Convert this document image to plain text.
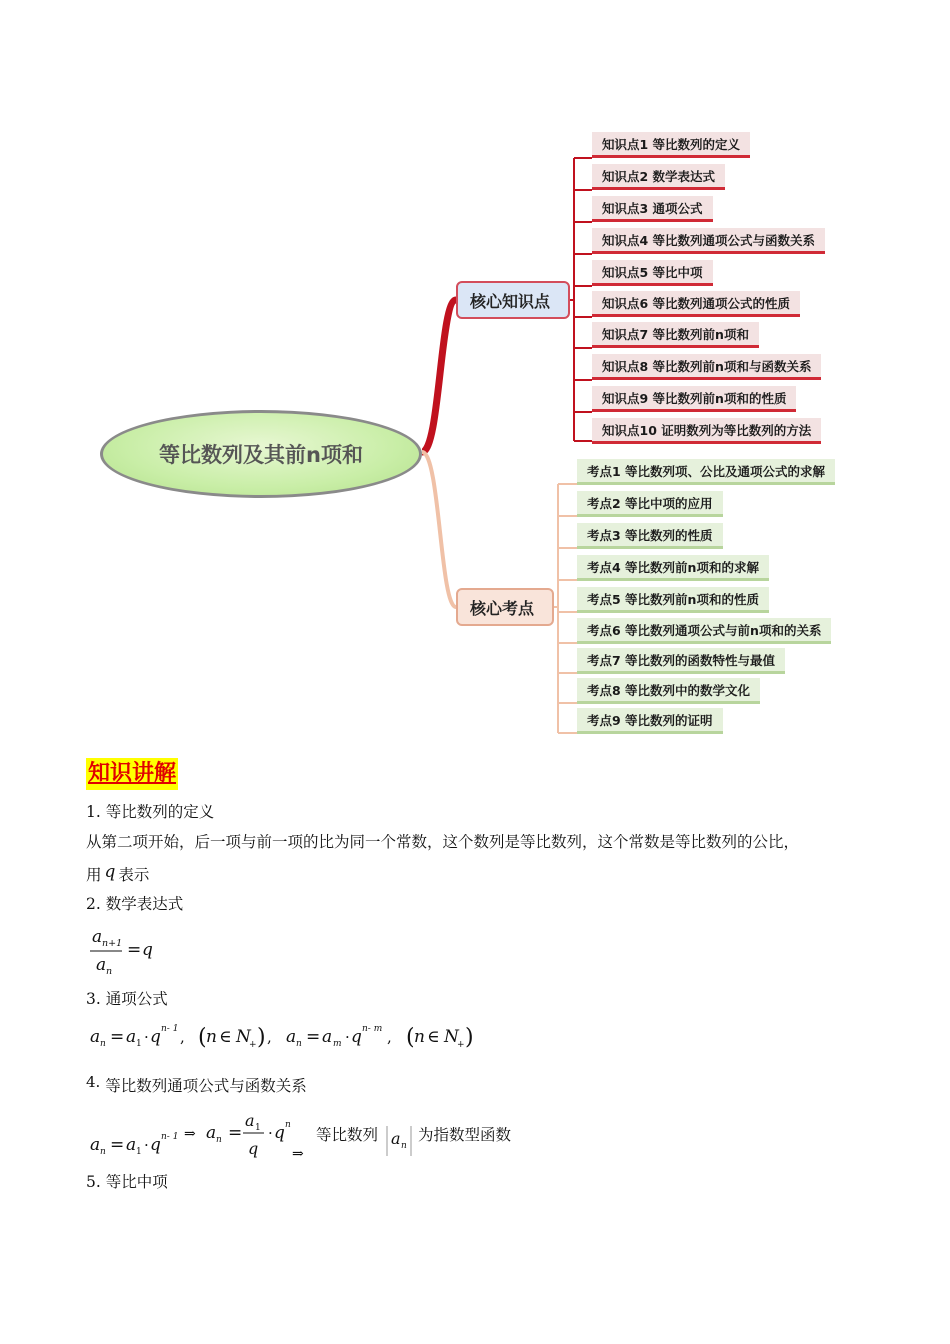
等比数列及其前n项和
核心知识点
核心考点
知识点1 等比数列的定义
知识点2 数学表达式
知识点3 通项公式
知识点4 等比数列通项公式与函数关系
知识点5 等比中项
知识点6 等比数列通项公式的性质
知识点7 等比数列前n项和
知识点8 等比数列前n项和与函数关系
知识点9 等比数列前n项和的性质
知识点10 证明数列为等比数列的方法
考点1 等比数列项、公比及通项公式的求解
考点2 等比中项的应用
考点3 等比数列的性质
考点4 等比数列前n项和的求解
考点5 等比数列前n项和的性质
考点6 等比数列通项公式与前n项和的关系
考点7 等比数列的函数特性与最值
考点8 等比数列中的数学文化
考点9 等比数列的证明
知识讲解
1. 等比数列的定义
从第二项开始，后一项与前一项的比为同一个常数，这个数列是等比数列，这个常数是等比数列的公比，
用 q 表示
2. 数学表达式
a n+1
a n
= q
3. 通项公式
a n = a 1 · q n- 1 , ( n ∈ N
+ ) , a n = a m · q n- m , ( n ∈ N
+ )
4. 等比数列通项公式与函数关系
a n = a 1 · q n- 1 ⇒ a n =
a 1
q
· q n
⇒
等比数列 a n
为指数型函数
5. 等比中项
